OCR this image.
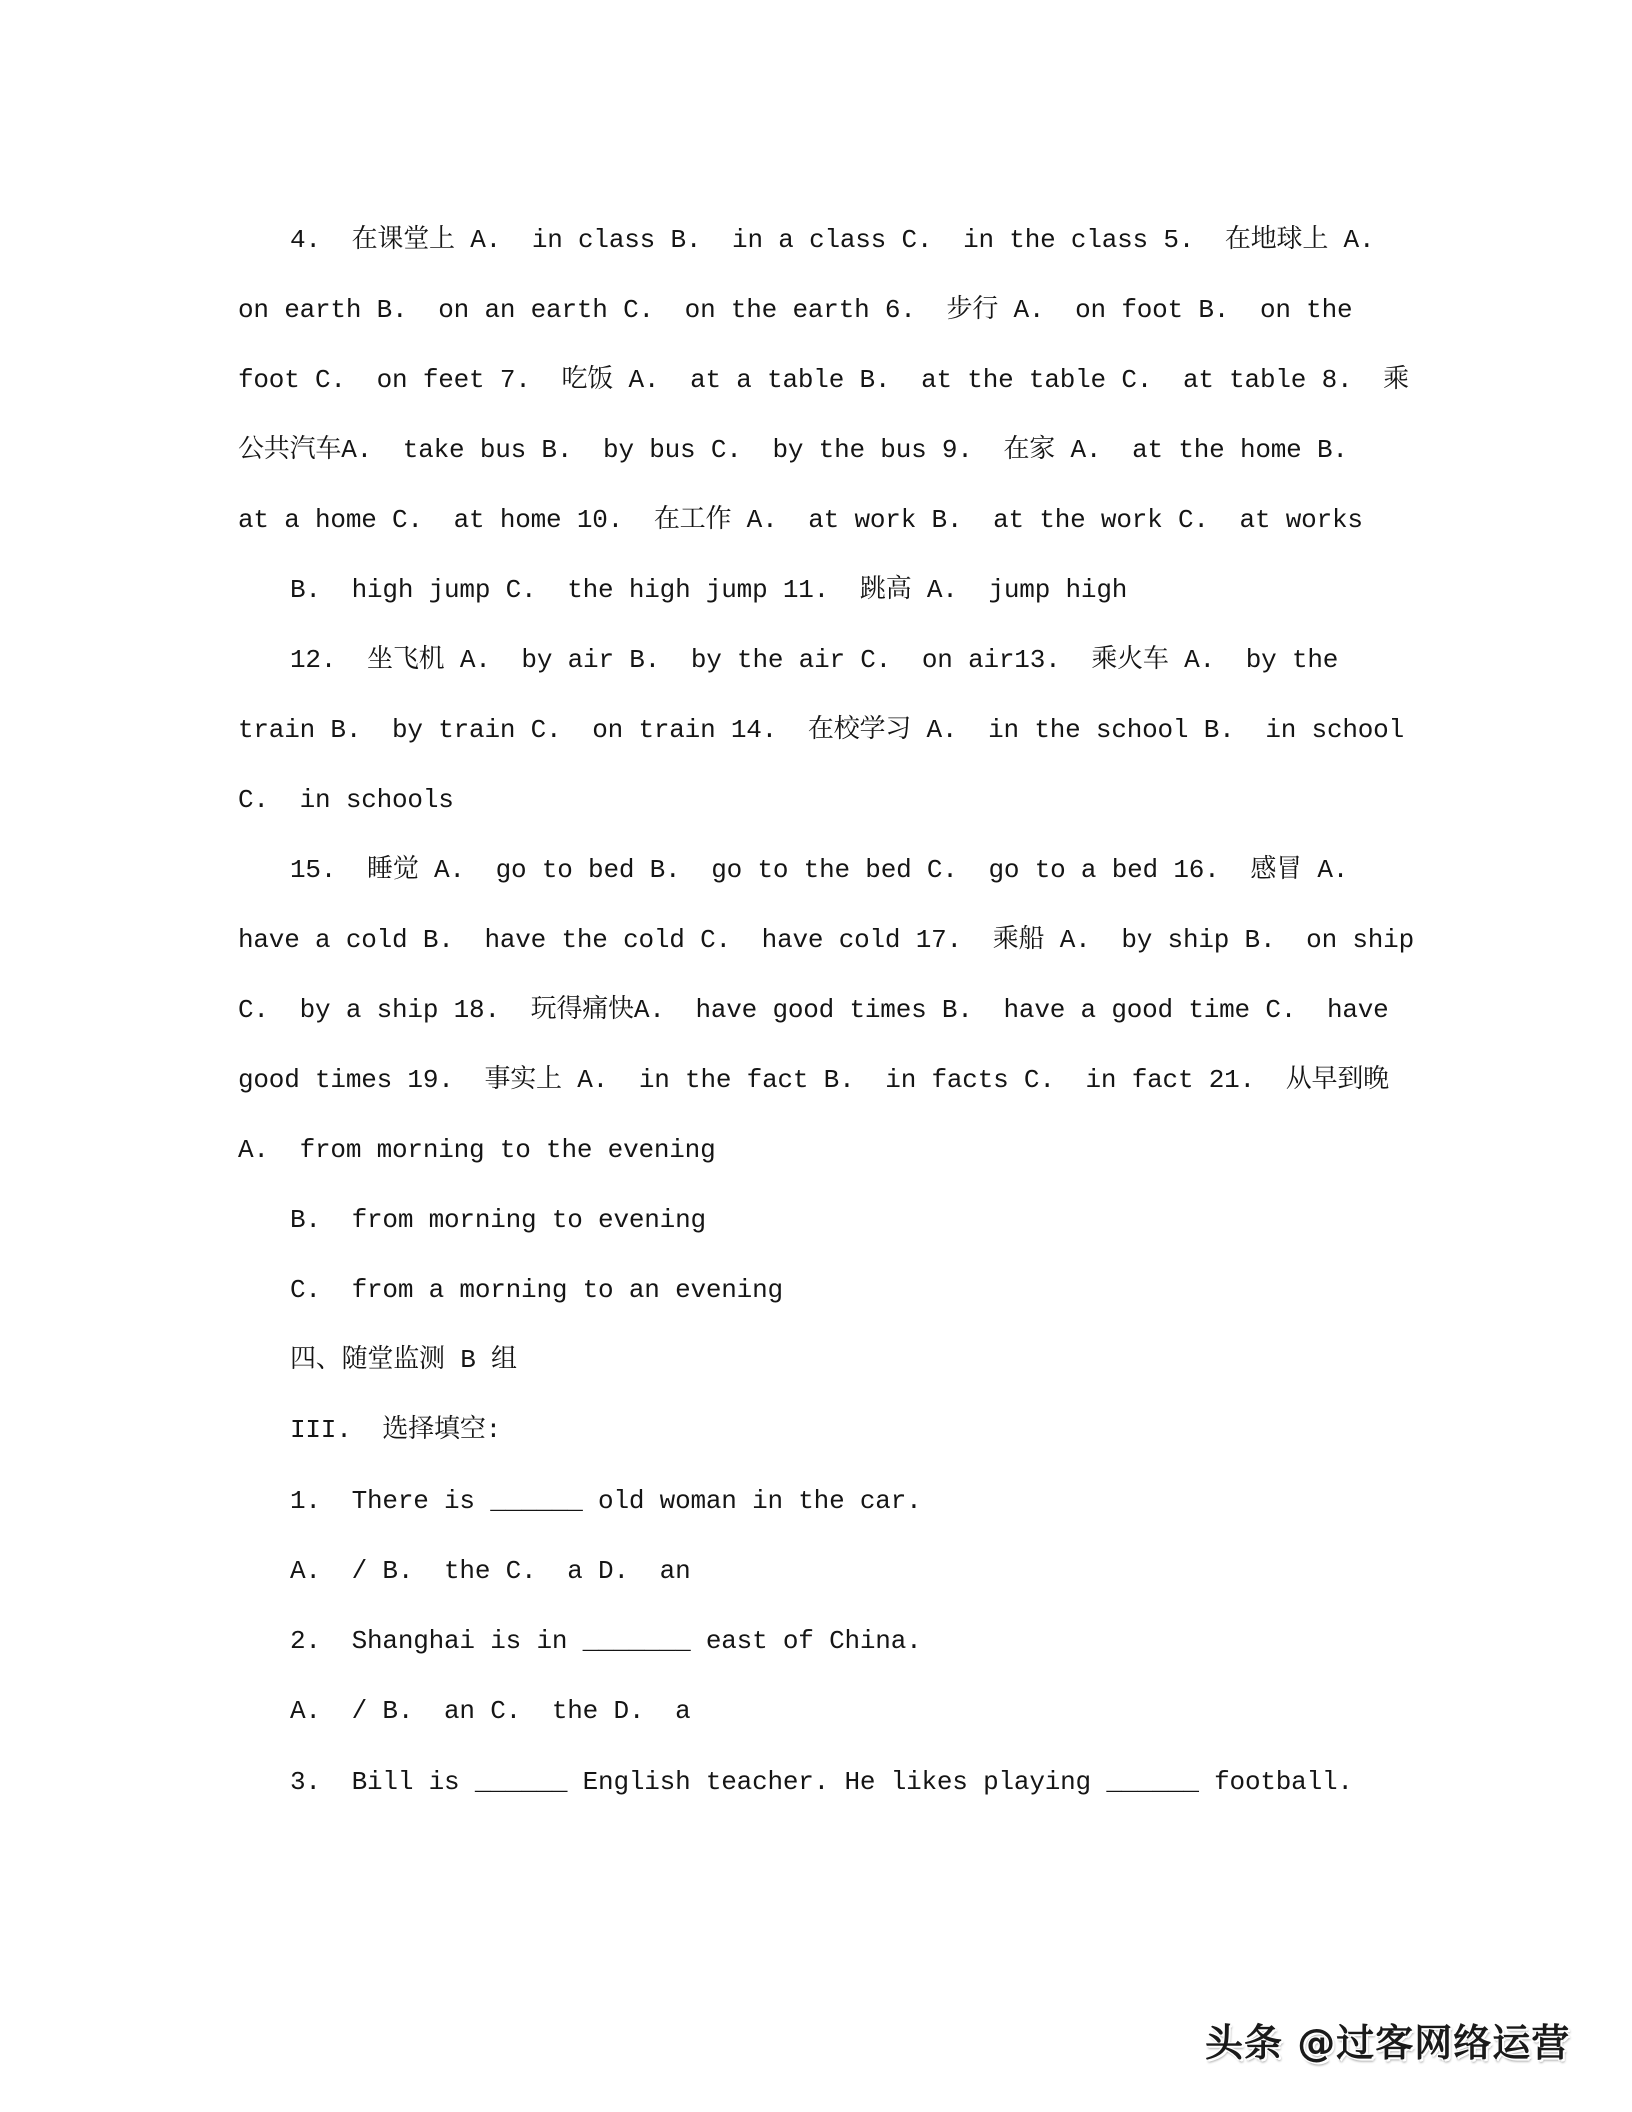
4.  在课堂上 A.  in class B.  in a class C.  in the class 5.  在地球上 A.
on earth B.  on an earth C.  on the earth 6.  步行 A.  on foot B.  on the
foot C.  on feet 7.  吃饭 A.  at a table B.  at the table C.  at table 8.  乘
公共汽车A.  take bus B.  by bus C.  by the bus 9.  在家 A.  at the home B.
at a home C.  at home 10.  在工作 A.  at work B.  at the work C.  at works
B.  high jump C.  the high jump 11.  跳高 A.  jump high
12.  坐飞机 A.  by air B.  by the air C.  on air13.  乘火车 A.  by the
train B.  by train C.  on train 14.  在校学习 A.  in the school B.  in school
C.  in schools
15.  睡觉 A.  go to bed B.  go to the bed C.  go to a bed 16.  感冒 A.
have a cold B.  have the cold C.  have cold 17.  乘船 A.  by ship B.  on ship
C.  by a ship 18.  玩得痛快A.  have good times B.  have a good time C.  have
good times 19.  事实上 A.  in the fact B.  in facts C.  in fact 21.  从早到晚
A.  from morning to the evening
B.  from morning to evening
C.  from a morning to an evening
四、随堂监测 B 组
III.  选择填空:
1.  There is ______ old woman in the car.
A.  / B.  the C.  a D.  an
2.  Shanghai is in _______ east of China.
A.  / B.  an C.  the D.  a
3.  Bill is ______ English teacher. He likes playing ______ football.
头条 @过客网络运营
